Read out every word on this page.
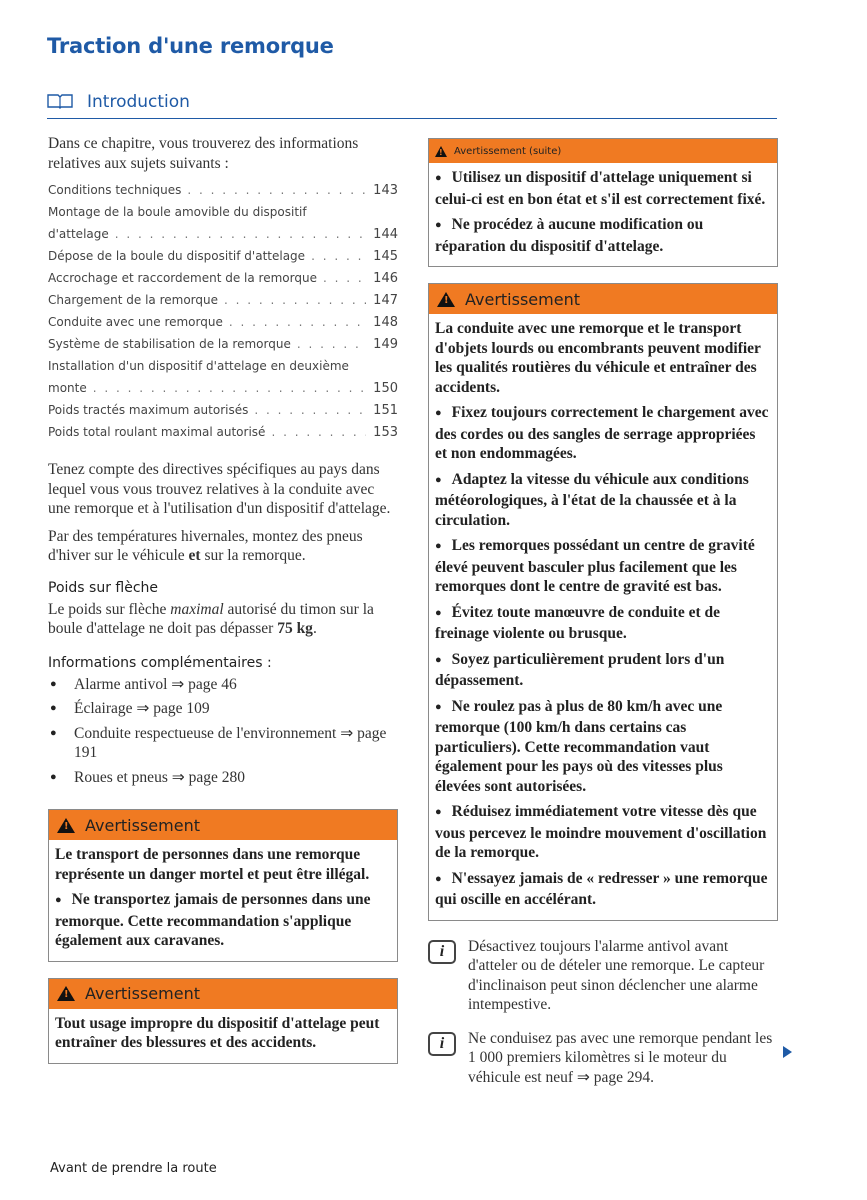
Traction d'une remorque
Introduction

Dans ce chapitre, vous trouverez des informations relatives aux sujets suivants :

Conditions techniques . . .	143
Montage de la boule amovible du dispositif
d'attelage . . .	144
Dépose de la boule du dispositif d'attelage . . .	145
Accrochage et raccordement de la remorque . . .	146
Chargement de la remorque . . .	147
Conduite avec une remorque . . .	148
Système de stabilisation de la remorque . . .	149
Installation d'un dispositif d'attelage en deuxième
monte . . .	150
Poids tractés maximum autorisés . . .	151
Poids total roulant maximal autorisé . . .	153

Tenez compte des directives spécifiques au pays dans lequel vous vous trouvez relatives à la conduite avec une remorque et à l'utilisation d'un dispositif d'attelage.

Par des températures hivernales, montez des pneus d'hiver sur le véhicule et sur la remorque.

Poids sur flèche

Le poids sur flèche maximal autorisé du timon sur la boule d'attelage ne doit pas dépasser 75 kg.

Informations complémentaires :
● Alarme antivol ⇒ page 46
● Éclairage ⇒ page 109
● Conduite respectueuse de l'environnement ⇒ page 191
● Roues et pneus ⇒ page 280
!
Avertissement

Le transport de personnes dans une remorque représente un danger mortel et peut être illégal.

● Ne transportez jamais de personnes dans une remorque. Cette recommandation s'applique également aux caravanes.

!
Avertissement

Tout usage impropre du dispositif d'attelage peut entraîner des blessures et des accidents.

!
Avertissement (suite)

● Utilisez un dispositif d'attelage uniquement si celui-ci est en bon état et s'il est correctement fixé.

● Ne procédez à aucune modification ou réparation du dispositif d'attelage.

!
Avertissement

La conduite avec une remorque et le transport d'objets lourds ou encombrants peuvent modifier les qualités routières du véhicule et entraîner des accidents.

● Fixez toujours correctement le chargement avec des cordes ou des sangles de serrage appropriées et non endommagées.

● Adaptez la vitesse du véhicule aux conditions météorologiques, à l'état de la chaussée et à la circulation.

● Les remorques possédant un centre de gravité élevé peuvent basculer plus facilement que les remorques dont le centre de gravité est bas.

● Évitez toute manœuvre de conduite et de freinage violente ou brusque.

● Soyez particulièrement prudent lors d'un dépassement.

● Ne roulez pas à plus de 80 km/h avec une remorque (100 km/h dans certains cas particuliers). Cette recommandation vaut également pour les pays où des vitesses plus élevées sont autorisées.

● Réduisez immédiatement votre vitesse dès que vous percevez le moindre mouvement d'oscillation de la remorque.

● N'essayez jamais de « redresser » une remorque qui oscille en accélérant.

i Désactivez toujours l'alarme antivol avant d'atteler ou de dételer une remorque. Le capteur d'inclinaison peut sinon déclencher une alarme intempestive.

i Ne conduisez pas avec une remorque pendant les 1 000 premiers kilomètres si le moteur du véhicule est neuf ⇒ page 294.

Avant de prendre la route
